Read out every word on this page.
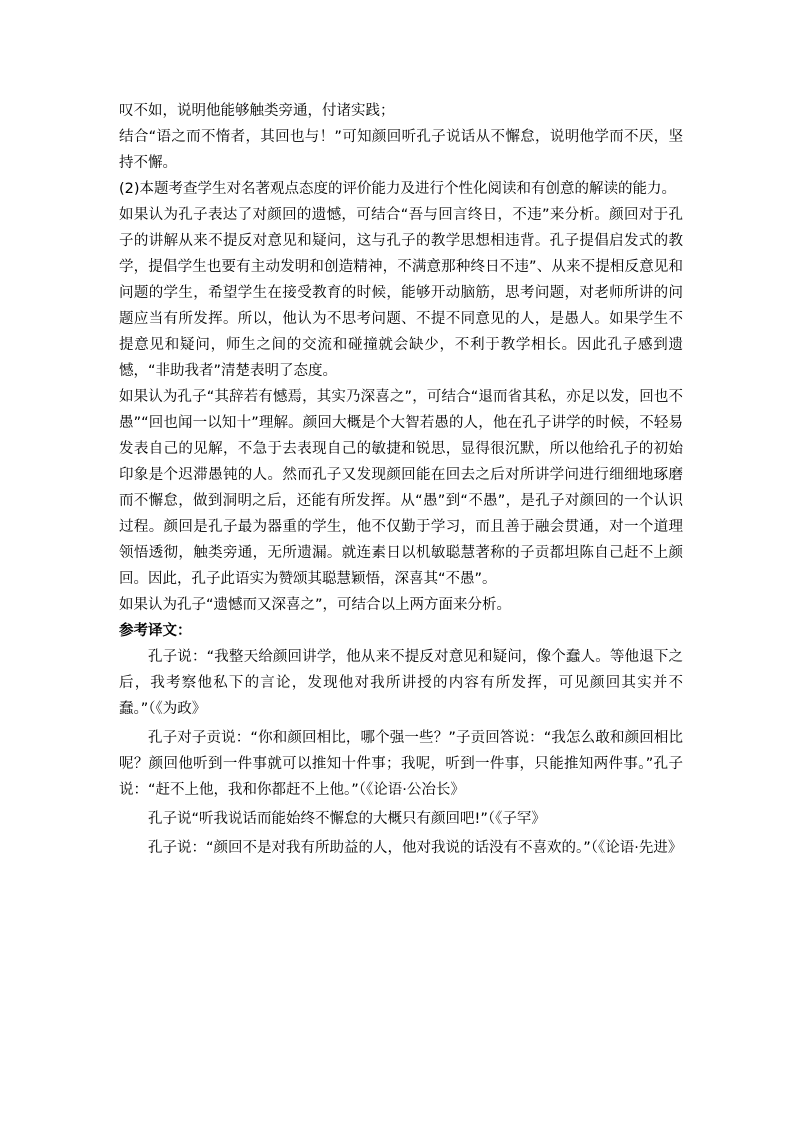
叹不如，说明他能够触类旁通，付诸实践；

结合“语之而不惰者，其回也与！”可知颜回听孔子说话从不懈怠，说明他学而不厌，坚持不懈。

(2)本题考查学生对名著观点态度的评价能力及进行个性化阅读和有创意的解读的能力。

如果认为孔子表达了对颜回的遗憾，可结合“吾与回言终日，不违”来分析。颜回对于孔子的讲解从来不提反对意见和疑问，这与孔子的教学思想相违背。孔子提倡启发式的教学，提倡学生也要有主动发明和创造精神，不满意那种终日不违”、从来不提相反意见和问题的学生，希望学生在接受教育的时候，能够开动脑筋，思考问题，对老师所讲的问题应当有所发挥。所以，他认为不思考问题、不提不同意见的人，是愚人。如果学生不提意见和疑问，师生之间的交流和碰撞就会缺少，不利于教学相长。因此孔子感到遗憾，“非助我者”清楚表明了态度。

如果认为孔子“其辞若有憾焉，其实乃深喜之”，可结合“退而省其私，亦足以发，回也不愚”“回也闻一以知十”理解。颜回大概是个大智若愚的人，他在孔子讲学的时候，不轻易发表自己的见解，不急于去表现自己的敏捷和锐思，显得很沉默，所以他给孔子的初始印象是个迟滞愚钝的人。然而孔子又发现颜回能在回去之后对所讲学问进行细细地琢磨而不懈怠，做到洞明之后，还能有所发挥。从“愚”到“不愚”，是孔子对颜回的一个认识过程。颜回是孔子最为器重的学生，他不仅勤于学习，而且善于融会贯通，对一个道理领悟透彻，触类旁通，无所遗漏。就连素日以机敏聪慧著称的子贡都坦陈自己赶不上颜回。因此，孔子此语实为赞颂其聪慧颖悟，深喜其“不愚”。

如果认为孔子“遗憾而又深喜之”，可结合以上两方面来分析。

参考译文：

孔子说：“我整天给颜回讲学，他从来不提反对意见和疑问，像个蠢人。等他退下之后，我考察他私下的言论，发现他对我所讲授的内容有所发挥，可见颜回其实并不蠢。”（《为政》

孔子对子贡说：“你和颜回相比，哪个强一些？”子贡回答说：“我怎么敢和颜回相比呢？颜回他听到一件事就可以推知十件事；我呢，听到一件事，只能推知两件事。”孔子说：“赶不上他，我和你都赶不上他。”（《论语·公冶长》

孔子说“听我说话而能始终不懈怠的大概只有颜回吧!”（《子罕》

孔子说：“颜回不是对我有所助益的人，他对我说的话没有不喜欢的。”（《论语·先进》
